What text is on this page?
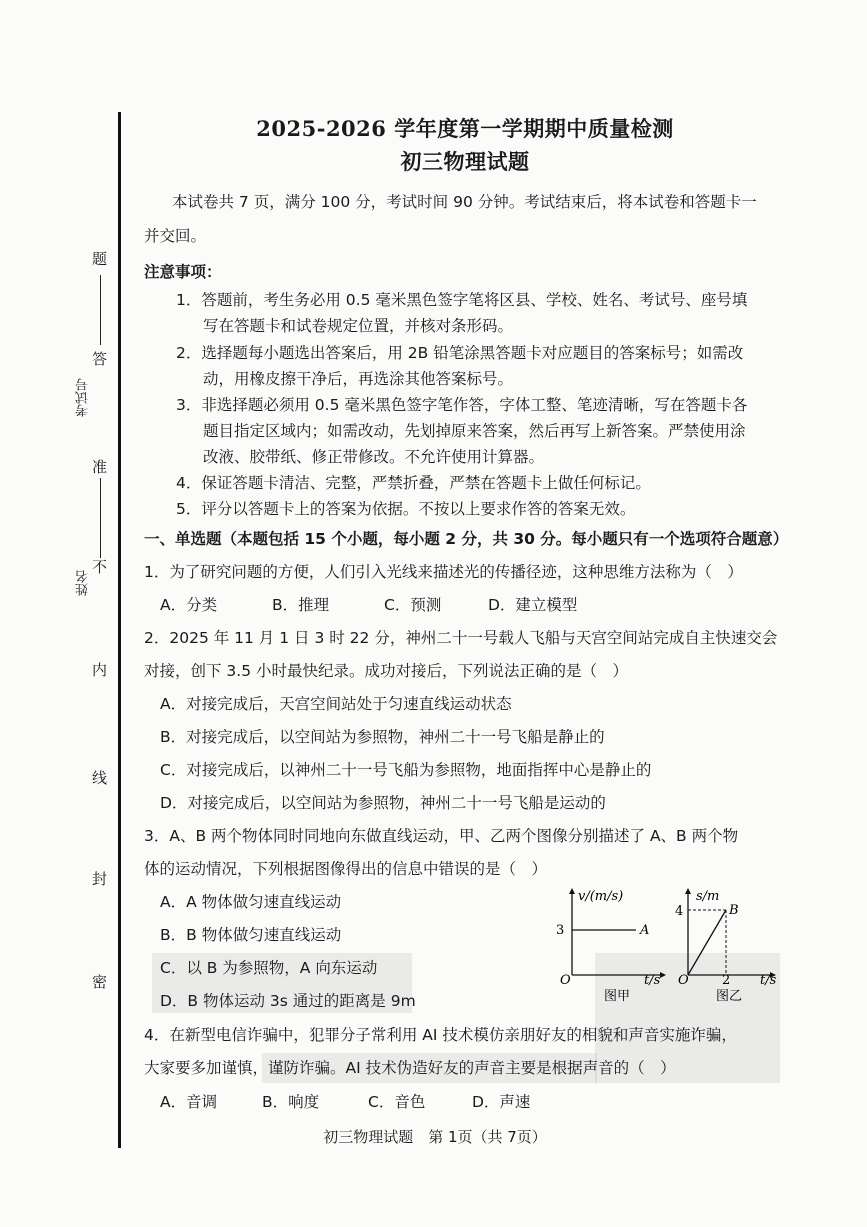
题
答
准
不
内
线
封
密
考试号
姓名
2025-2026 学年度第一学期期中质量检测
初三物理试题
本试卷共 7 页，满分 100 分，考试时间 90 分钟。考试结束后，将本试卷和答题卡一
并交回。
注意事项：
1．答题前，考生务必用 0.5 毫米黑色签字笔将区县、学校、姓名、考试号、座号填
写在答题卡和试卷规定位置，并核对条形码。
2．选择题每小题选出答案后，用 2B 铅笔涂黑答题卡对应题目的答案标号；如需改
动，用橡皮擦干净后，再选涂其他答案标号。
3．非选择题必须用 0.5 毫米黑色签字笔作答，字体工整、笔迹清晰，写在答题卡各
题目指定区域内；如需改动，先划掉原来答案，然后再写上新答案。严禁使用涂
改液、胶带纸、修正带修改。不允许使用计算器。
4．保证答题卡清洁、完整，严禁折叠，严禁在答题卡上做任何标记。
5．评分以答题卡上的答案为依据。不按以上要求作答的答案无效。
一、单选题（本题包括 15 个小题，每小题 2 分，共 30 分。每小题只有一个选项符合题意）
1．为了研究问题的方便，人们引入光线来描述光的传播径迹，这种思维方法称为（　）
A．分类	B．推理	C．预测	D．建立模型
2．2025 年 11 月 1 日 3 时 22 分，神州二十一号载人飞船与天宫空间站完成自主快速交会
对接，创下 3.5 小时最快纪录。成功对接后，下列说法正确的是（　）
A．对接完成后，天宫空间站处于匀速直线运动状态
B．对接完成后，以空间站为参照物，神州二十一号飞船是静止的
C．对接完成后，以神州二十一号飞船为参照物，地面指挥中心是静止的
D．对接完成后，以空间站为参照物，神州二十一号飞船是运动的
3．A、B 两个物体同时同地向东做直线运动，甲、乙两个图像分别描述了 A、B 两个物
体的运动情况，下列根据图像得出的信息中错误的是（　）
A．A 物体做匀速直线运动
B．B 物体做匀速直线运动
C．以 B 为参照物，A 向东运动
D．B 物体运动 3s 通过的距离是 9m
v/(m/s)
3	A
O	t/s
图甲
s/m
4	B
O	2 t/s
图乙
4．在新型电信诈骗中，犯罪分子常利用 AI 技术模仿亲朋好友的相貌和声音实施诈骗，
大家要多加谨慎，谨防诈骗。AI 技术伪造好友的声音主要是根据声音的（　）
A．音调	B．响度	C．音色	D．声速
初三物理试题　第 1页（共 7页）
